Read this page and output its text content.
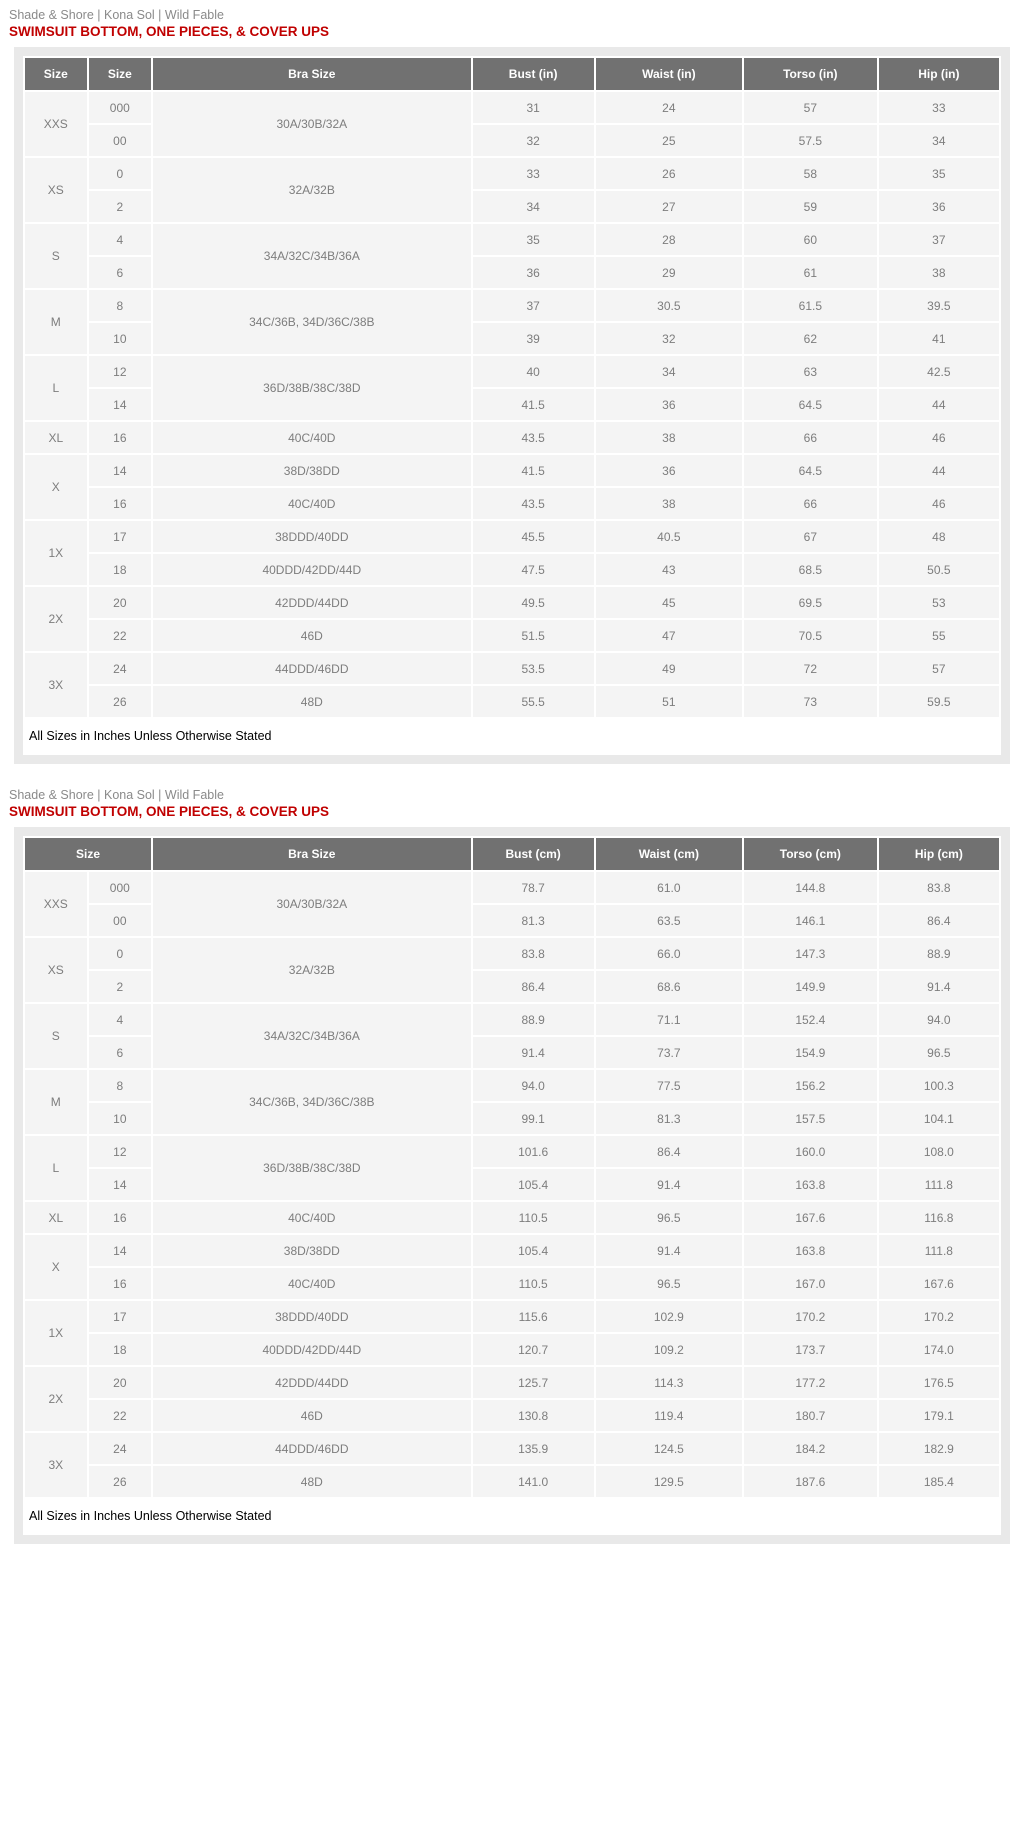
Shade & Shore | Kona Sol | Wild Fable
SWIMSUIT BOTTOM, ONE PIECES, & COVER UPS
Size	Size	Bra Size	Bust (in)	Waist (in)	Torso (in)	Hip (in)
XXS	000	30A/30B/32A	31	24	57	33
	00		32	25	57.5	34
XS	0	32A/32B	33	26	58	35
	2		34	27	59	36
S	4	34A/32C/34B/36A	35	28	60	37
	6		36	29	61	38
M	8	34C/36B, 34D/36C/38B	37	30.5	61.5	39.5
	10		39	32	62	41
L	12	36D/38B/38C/38D	40	34	63	42.5
	14		41.5	36	64.5	44
XL	16	40C/40D	43.5	38	66	46
X	14	38D/38DD	41.5	36	64.5	44
	16	40C/40D	43.5	38	66	46
1X	17	38DDD/40DD	45.5	40.5	67	48
	18	40DDD/42DD/44D	47.5	43	68.5	50.5
2X	20	42DDD/44DD	49.5	45	69.5	53
	22	46D	51.5	47	70.5	55
3X	24	44DDD/46DD	53.5	49	72	57
	26	48D	55.5	51	73	59.5
All Sizes in Inches Unless Otherwise Stated						
Shade & Shore | Kona Sol | Wild Fable
SWIMSUIT BOTTOM, ONE PIECES, & COVER UPS
Size		Bra Size	Bust (cm)	Waist (cm)	Torso (cm)	Hip (cm)
XXS	000	30A/30B/32A	78.7	61.0	144.8	83.8
	00		81.3	63.5	146.1	86.4
XS	0	32A/32B	83.8	66.0	147.3	88.9
	2		86.4	68.6	149.9	91.4
S	4	34A/32C/34B/36A	88.9	71.1	152.4	94.0
	6		91.4	73.7	154.9	96.5
M	8	34C/36B, 34D/36C/38B	94.0	77.5	156.2	100.3
	10		99.1	81.3	157.5	104.1
L	12	36D/38B/38C/38D	101.6	86.4	160.0	108.0
	14		105.4	91.4	163.8	111.8
XL	16	40C/40D	110.5	96.5	167.6	116.8
X	14	38D/38DD	105.4	91.4	163.8	111.8
	16	40C/40D	110.5	96.5	167.0	167.6
1X	17	38DDD/40DD	115.6	102.9	170.2	170.2
	18	40DDD/42DD/44D	120.7	109.2	173.7	174.0
2X	20	42DDD/44DD	125.7	114.3	177.2	176.5
	22	46D	130.8	119.4	180.7	179.1
3X	24	44DDD/46DD	135.9	124.5	184.2	182.9
	26	48D	141.0	129.5	187.6	185.4
All Sizes in Inches Unless Otherwise Stated						
